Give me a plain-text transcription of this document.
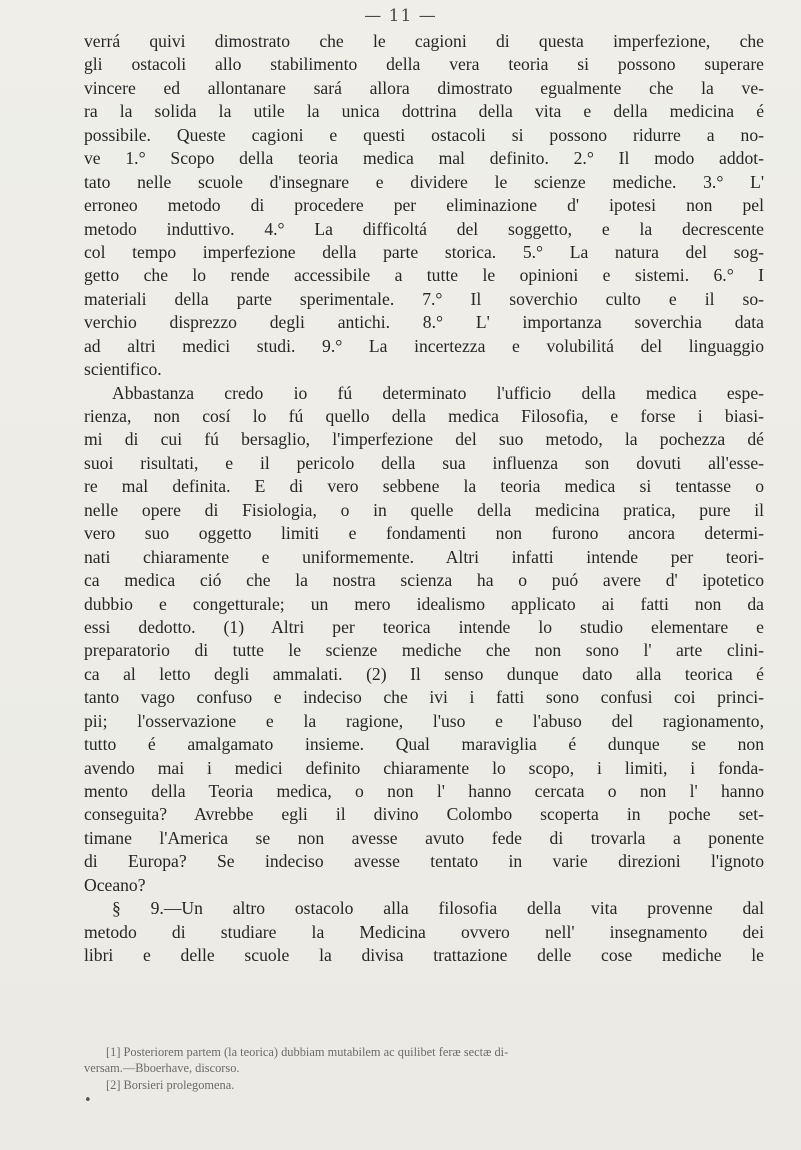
— 11 —
verrá quivi dimostrato che le cagioni di questa imperfezione, che
gli ostacoli allo stabilimento della vera teoria si possono superare
vincere ed allontanare sará allora dimostrato egualmente che la ve-
ra la solida la utile la unica dottrina della vita e della medicina é
possibile. Queste cagioni e questi ostacoli si possono ridurre a no-
ve 1.° Scopo della teoria medica mal definito. 2.° Il modo addot-
tato nelle scuole d'insegnare e dividere le scienze mediche. 3.° L'
erroneo metodo di procedere per eliminazione d' ipotesi non pel
metodo induttivo. 4.° La difficoltá del soggetto, e la decrescente
col tempo imperfezione della parte storica. 5.° La natura del sog-
getto che lo rende accessibile a tutte le opinioni e sistemi. 6.° I
materiali della parte sperimentale. 7.° Il soverchio culto e il so-
verchio disprezzo degli antichi. 8.° L' importanza soverchia data
ad altri medici studi. 9.° La incertezza e volubilitá del linguaggio
scientifico.
Abbastanza credo io fú determinato l'ufficio della medica espe-
rienza, non cosí lo fú quello della medica Filosofia, e forse i biasi-
mi di cui fú bersaglio, l'imperfezione del suo metodo, la pochezza dé
suoi risultati, e il pericolo della sua influenza son dovuti all'esse-
re mal definita. E di vero sebbene la teoria medica si tentasse o
nelle opere di Fisiologia, o in quelle della medicina pratica, pure il
vero suo oggetto limiti e fondamenti non furono ancora determi-
nati chiaramente e uniformemente. Altri infatti intende per teori-
ca medica ció che la nostra scienza ha o puó avere d' ipotetico
dubbio e congetturale; un mero idealismo applicato ai fatti non da
essi dedotto. (1) Altri per teorica intende lo studio elementare e
preparatorio di tutte le scienze mediche che non sono l' arte clini-
ca al letto degli ammalati. (2) Il senso dunque dato alla teorica é
tanto vago confuso e indeciso che ivi i fatti sono confusi coi princi-
pii; l'osservazione e la ragione, l'uso e l'abuso del ragionamento,
tutto é amalgamato insieme. Qual maraviglia é dunque se non
avendo mai i medici definito chiaramente lo scopo, i limiti, i fonda-
mento della Teoria medica, o non l' hanno cercata o non l' hanno
conseguita? Avrebbe egli il divino Colombo scoperta in poche set-
timane l'America se non avesse avuto fede di trovarla a ponente
di Europa? Se indeciso avesse tentato in varie direzioni l'ignoto
Oceano?
§ 9.—Un altro ostacolo alla filosofia della vita provenne dal
metodo di studiare la Medicina ovvero nell' insegnamento dei
libri e delle scuole la divisa trattazione delle cose mediche le
[1] Posteriorem partem (la teorica) dubbiam mutabilem ac quilibet feræ sectæ di-
versam.—Bboerhave, discorso.
[2] Borsieri prolegomena.
•
